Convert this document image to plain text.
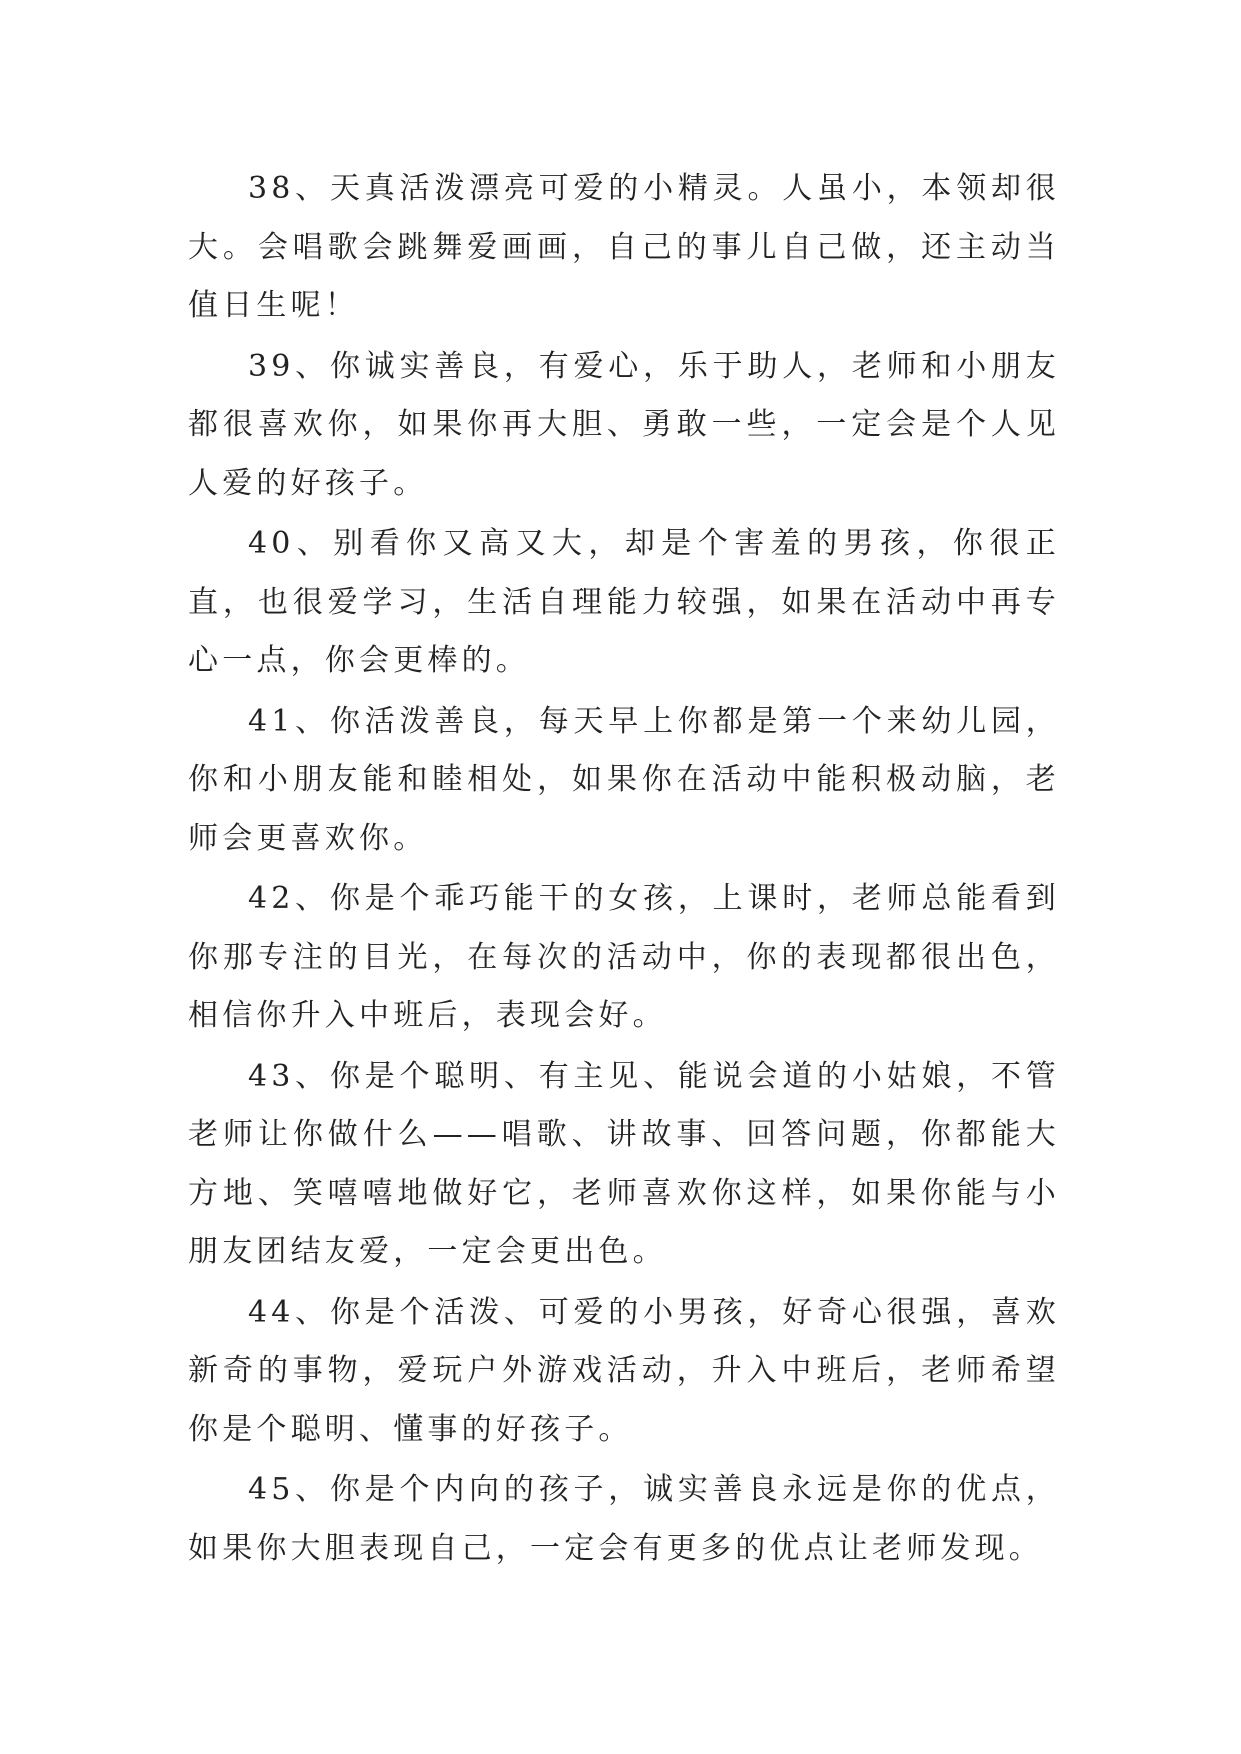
38、天真活泼漂亮可爱的小精灵。人虽小，本领却很大。会唱歌会跳舞爱画画，自己的事儿自己做，还主动当值日生呢！

39、你诚实善良，有爱心，乐于助人，老师和小朋友都很喜欢你，如果你再大胆、勇敢一些，一定会是个人见人爱的好孩子。

40、别看你又高又大，却是个害羞的男孩，你很正直，也很爱学习，生活自理能力较强，如果在活动中再专心一点，你会更棒的。

41、你活泼善良，每天早上你都是第一个来幼儿园，你和小朋友能和睦相处，如果你在活动中能积极动脑，老师会更喜欢你。

42、你是个乖巧能干的女孩，上课时，老师总能看到你那专注的目光，在每次的活动中，你的表现都很出色，相信你升入中班后，表现会好。

43、你是个聪明、有主见、能说会道的小姑娘，不管老师让你做什么——唱歌、讲故事、回答问题，你都能大方地、笑嘻嘻地做好它，老师喜欢你这样，如果你能与小朋友团结友爱，一定会更出色。

44、你是个活泼、可爱的小男孩，好奇心很强，喜欢新奇的事物，爱玩户外游戏活动，升入中班后，老师希望你是个聪明、懂事的好孩子。

45、你是个内向的孩子，诚实善良永远是你的优点，如果你大胆表现自己，一定会有更多的优点让老师发现。
